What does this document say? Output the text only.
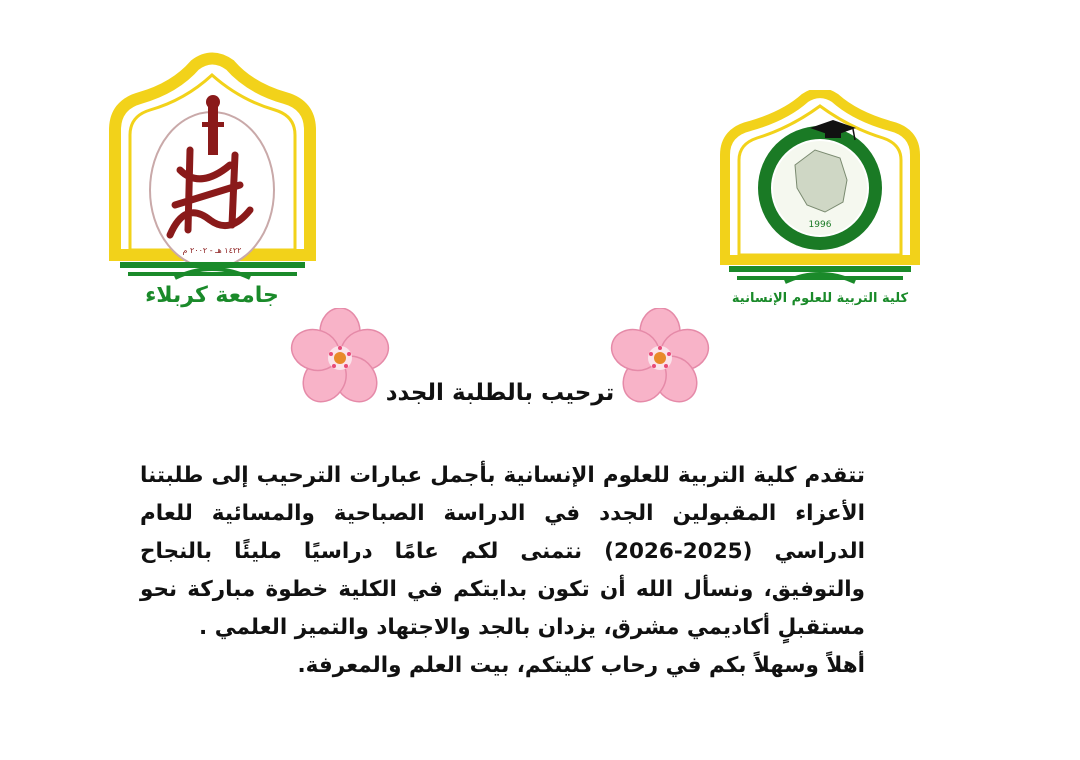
١٤٢٢ هـ - ٢٠٠٢ م
جامعة كربلاء
1996
كلية التربية للعلوم الإنسانية
ترحيب بالطلبة الجدد
تتقدم كلية التربية للعلوم الإنسانية بأجمل عبارات الترحيب إلى طلبتنا
الأعزاء المقبولين الجدد في الدراسة الصباحية والمسائية للعام
الدراسي (2025-2026) نتمنى لكم عامًا دراسيًا مليئًا بالنجاح
والتوفيق، ونسأل الله أن تكون بدايتكم في الكلية خطوة مباركة نحو
مستقبلٍ أكاديمي مشرق، يزدان بالجد والاجتهاد والتميز العلمي .
أهلاً وسهلاً بكم في رحاب كليتكم، بيت العلم والمعرفة.
